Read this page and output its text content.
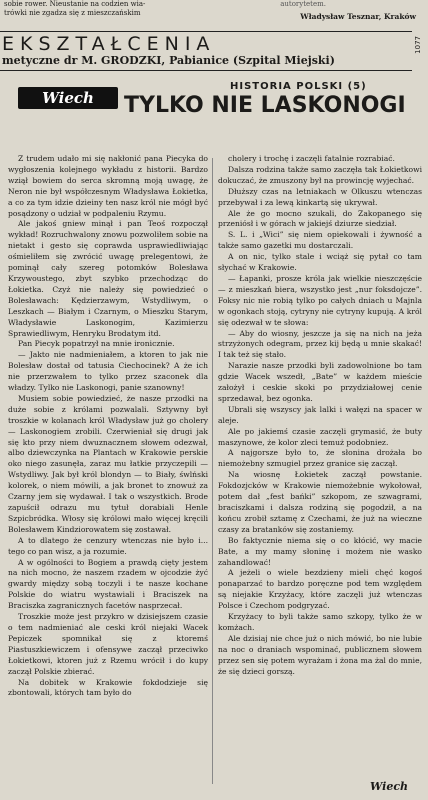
sobie rower. Nieustanie na codzien wia-
trówki nie zgadza się z mieszczańskim
autorytetem.
Władysław Tesznar, Kraków
EKSZTAŁCENIA
metyczne dr M. GRODZKI, Pabianice (Szpital Miejski)
1077
Wiech
HISTORIA POLSKI (5)
TYLKO NIE LASKONOGI

Z trudem udało mi się nakłonić pana Piecyka do wygłoszenia kolejnego wykładu z historii. Bardzo wziął bowiem do serca skromną moją uwagę, że Neron nie był współczesnym Władysława Łokietka, a co za tym idzie dzieiny ten nasz król nie mógł być posądzony o udział w podpaleniu Rzymu.

Ale jakoś gniew minął i pan Teoś rozpoczął wykład! Rozruchwalony znowu pozwoliłem sobie na nietakt i gesto się coprawda usprawiedliwiając ośmieliłem się zwrócić uwagę prelegentowi, że pominął cały szereg potomków Bolesława Krzywoustego, zbyt szybko przechodząc do Łokietka. Czyż nie należy się powiedzieć o Bolesławach: Kędzierzawym, Wstydliwym, o Leszkach — Białym i Czarnym, o Mieszku Starym, Władysławie Laskonogim, Kazimierzu Sprawiedliwym, Henryku Brodatym itd.

Pan Piecyk popatrzył na mnie ironicznie.

— Jakto nie nadmieniałem, a ktoren to jak nie Bolesław dostał od tatusia Ciechocinek? A że ich nie przerzwałem to tylko przez szaconek dla władzy. Tylko nie Laskonogi, panie szanowny!

Musiem sobie powiedzieć, że nasze przodki na duże sobie z królami pozwalali. Sztywny był troszkie w kolanach król Władysław już go cholery — Laskonogiem zrobili. Czerwieniał się drugi jak się kto przy niem dwuznacznem słowem odezwał, albo dziewczynka na Plantach w Krakowie perskie oko niego zasunęła, zaraz mu łatkie przyczepili — Wstydliwy. Jak był król blondyn — to Biały, śwlński kolorek, o niem mówili, a jak bronet to znowuż za Czarny jem się wydawał. I tak o wszystkich. Brode zapuścił odrazu mu tytuł dorabiali Henle Szpicbródka. Włosy się królowi mało więcej kręcili Bolesławem Kindziorowatem się zostawał.

A to dlatego że cenzury wtenczas nie było i... tego co pan wisz, a ja rozumie.

A w ogólności to Bogiem a prawdą cięty jestem na nich mocno, że naszem rzadem w ojcodzie żyć gwardy między sobą toczyli i te nasze kochane Polskie do wiatru wystawiali i Braciszek na Braciszka zagranicznych facetów nasprzecał.

Troszkie może jest przykro w dzisiejszem czasie o tem nadmieniać ale ceski król niejaki Wacek Pepiczek spomnikał się z ktoremś Piastuszkiewiczem i ofensywe zaczął przeciwko Łokietkowi, ktoren już z Rzemu wrócił i do kupy zaczął Polskie zbierać.

Na dobitek w Krakowie fokdodzieje się zbontowali, których tam było do

cholery i trochę i zaczęli fatalnie rozrabiać.

Dalsza rodzina także samo zaczęła tak Łokietkowi dokuczać, że zmuszony był na prowincję wyjechać.

Dłuższy czas na letniakach w Olkuszu wtenczas przebywał i za lewą kinkartą się ukrywał.

Ale że go mocno szukali, do Zakopanego się przeniósł i w górach w jakiejś dziurze siedział.

S. L. i „Wici” się niem opiekowali i żywność a także samo gazetki mu dostarczali.

A on nic, tylko stale i wciąż się pytał co tam słychać w Krakowie.

— Łapanki, prosze króla jak wielkie nieszczęście — z mieszkań biera, wszystko jest „nur foksdojcze”. Foksy nic nie robią tylko po całych dniach u Majnla w ogonkach stoją, cytryny nie cytryny kupują. A król się odezwał w te słowa:

— Aby do wiosny, jeszcze ja się na nich na jeża strzyżonych odegram, przez kij będą u mnie skakać! I tak też się stało.

Narazie nasze przodki byli zadowolnione bo tam gdzie Wacek wszedł, „Bate” w każdem mieście założył i ceskie skoki po przydziałowej cenie sprzedawał, bez ogonka.

Ubrali się wszyscy jak lalki i wałęzi na spacer w aleje.

Ale po jakiemś czasie zaczęli grymasić, że buty maszynowe, że kolor zleci temuż podobniez.

A najgorsze było to, że słonina drożała bo niemożebny szmugiel przez granice się zaczął.

Na wiosnę Łokietek zaczął powstanie. Fokdozjcków w Krakowie niemożebnie wykołował, potem dał „fest bańki” szkopom, ze szwagrami, braciszkami i dalsza rodziną się pogodził, a na końcu zrobił sztamę z Czechami, że już na wieczne czasy za bratanków się zostaniemy.

Bo faktycznie niema się o co kłócić, wy macie Bate, a my mamy słoninę i możem nie wasko zahandlować!

A jeżeli o wiele bezdzieny mieli chęć kogoś ponaparzać to bardzo poręczne pod tem względem są niejakie Krzyżacy, które zaczęli już wtenczas Polsce i Czechom podgryzać.

Krzyżacy to byli także samo szkopy, tylko że w komżach.

Ale dzisiaj nie chce już o nich mówić, bo nie lubie na noc o draniach wspominać, publicznem słowem przez sen się potem wyrażam i żona ma żal do mnie, że się dzieci gorszą.

Wiech
